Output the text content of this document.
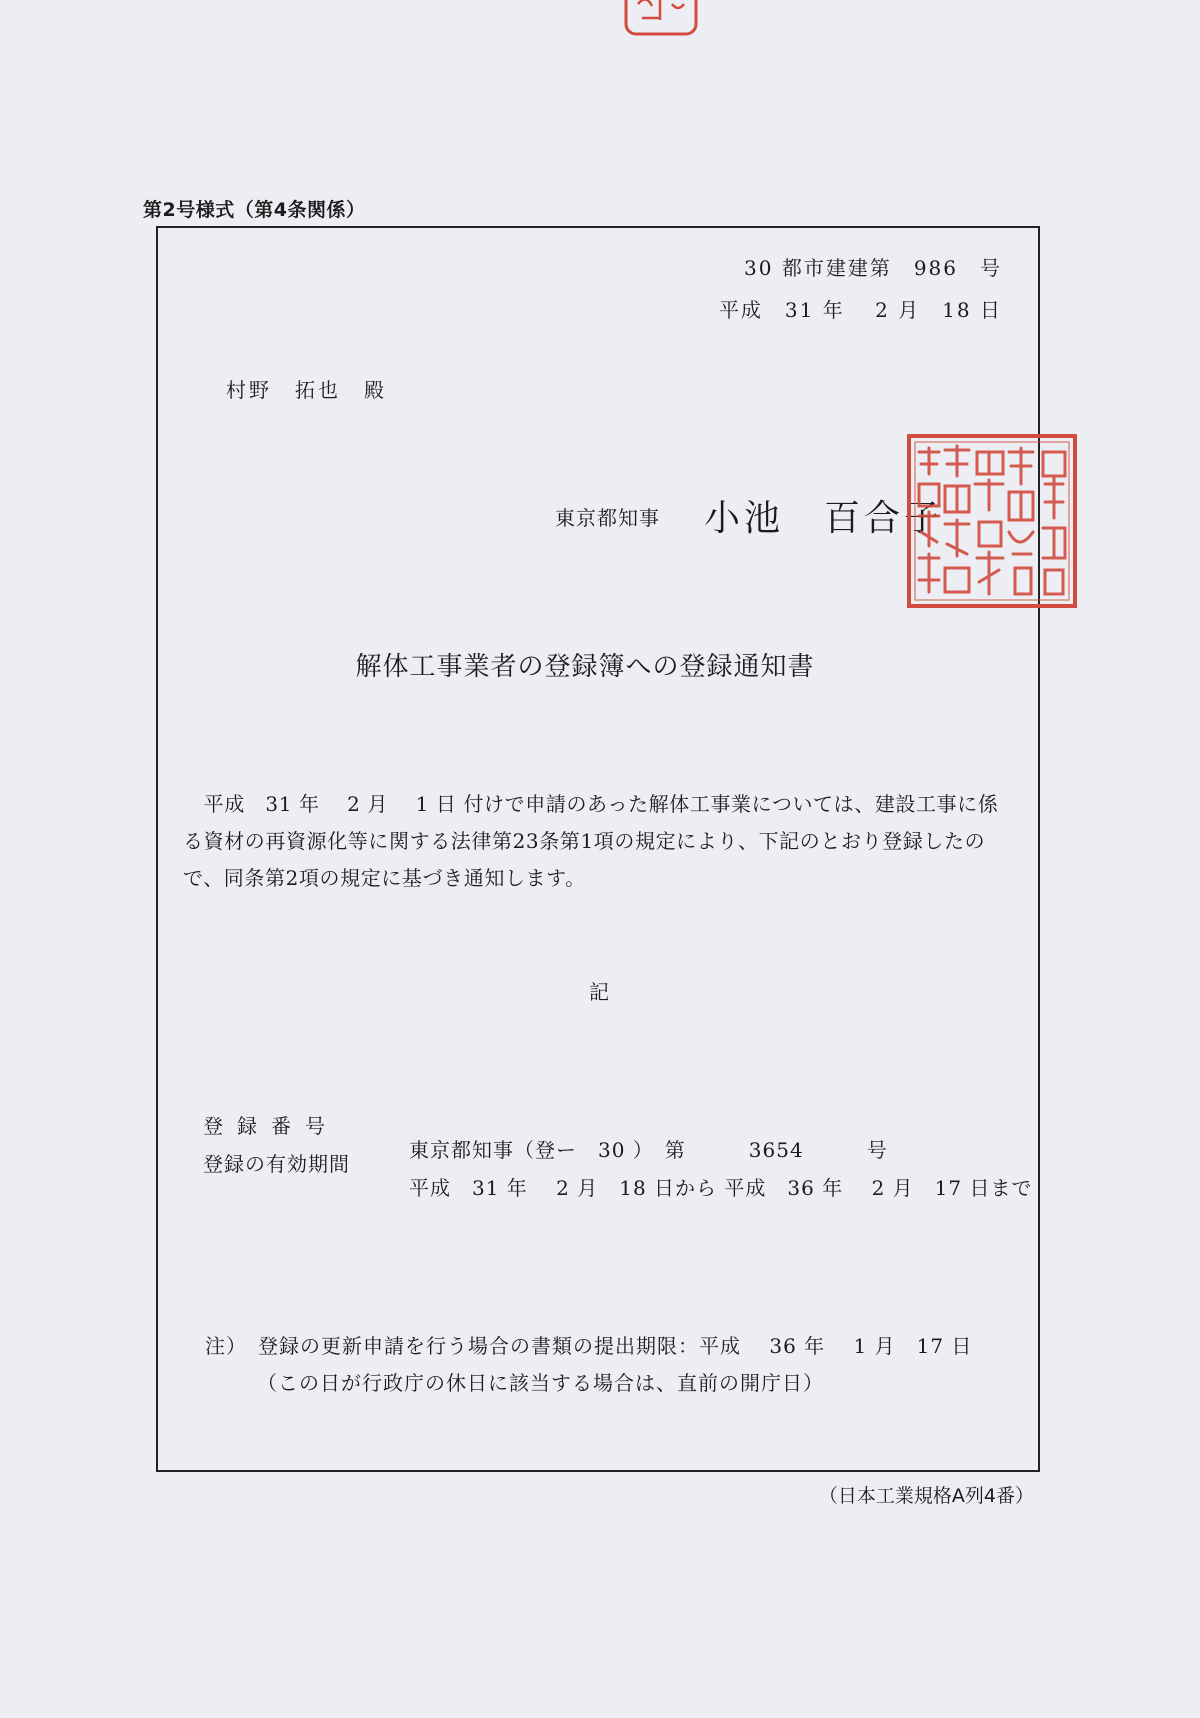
第2号様式（第4条関係）
30 都市建建第　986　号
平成　31 年　 2 月　18 日
村野　拓也　殿
東京都知事 小池　百合子
解体工事業者の登録簿への登録通知書

　平成　31 年　 2 月　 1 日 付けで申請のあった解体工事業については、建設工事に係る資材の再資源化等に関する法律第23条第1項の規定により、下記のとおり登録したので、同条第2項の規定に基づき通知します。

記

登録番号

東京都知事（登ー　30 ）　第　　　3654　　　号

登録の有効期間

平成　31 年　 2 月　18 日から 平成　36 年　 2 月　17 日まで

注）　登録の更新申請を行う場合の書類の提出期限：平成　 36 年　 1 月　17 日
（この日が行政庁の休日に該当する場合は、直前の開庁日）
（日本工業規格A列4番）
